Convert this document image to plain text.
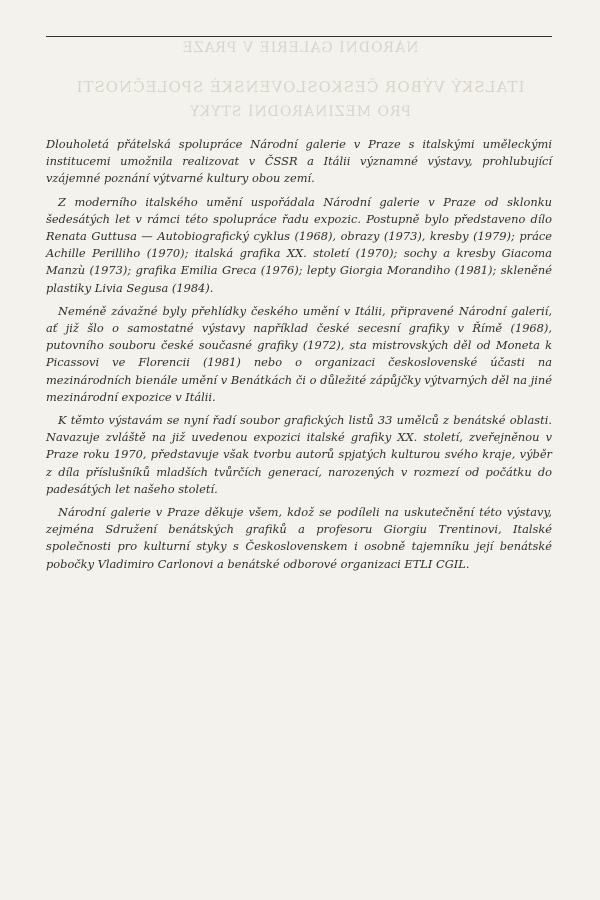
NÁRODNÍ GALERIE V PRAZE
ITALSKÝ VÝBOR ČESKOSLOVENSKÉ SPOLEČNOSTI
PRO MEZINÁRODNÍ STYKY

Dlouholetá přátelská spolupráce Národní galerie v Praze s italskými uměleckými institucemi umožnila realizovat v ČSSR a Itálii významné výstavy, prohlubující vzájemné poznání výtvarné kultury obou zemí.

Z moderního italského umění uspořádala Národní galerie v Praze od sklonku šedesátých let v rámci této spolupráce řadu expozic. Postupně bylo představeno dílo Renata Guttusa — Autobiografický cyklus (1968), obrazy (1973), kresby (1979); práce Achille Perilliho (1970); italská grafika XX. století (1970); sochy a kresby Giacoma Manzù (1973); grafika Emilia Greca (1976); lepty Giorgia Morandiho (1981); skleněné plastiky Livia Segusa (1984).

Neméně závažné byly přehlídky českého umění v Itálii, připravené Národní galerií, ať již šlo o samostatné výstavy například české secesní grafiky v Římě (1968), putovního souboru české současné grafiky (1972), sta mistrovských děl od Moneta k Picassovi ve Florencii (1981) nebo o organizaci československé účasti na mezinárodních bienále umění v Benátkách či o důležité zápůjčky výtvarných děl na jiné mezinárodní expozice v Itálii.

K těmto výstavám se nyní řadí soubor grafických listů 33 umělců z benátské oblasti. Navazuje zvláště na již uvedenou expozici italské grafiky XX. století, zveřejněnou v Praze roku 1970, představuje však tvorbu autorů spjatých kulturou svého kraje, výběr z díla příslušníků mladších tvůrčích generací, narozených v rozmezí od počátku do padesátých let našeho století.

Národní galerie v Praze děkuje všem, kdož se podíleli na uskutečnění této výstavy, zejména Sdružení benátských grafiků a profesoru Giorgiu Trentinovi, Italské společnosti pro kulturní styky s Československem i osobně tajemníku její benátské pobočky Vladimiro Carlonovi a benátské odborové organizaci ETLI CGIL.
